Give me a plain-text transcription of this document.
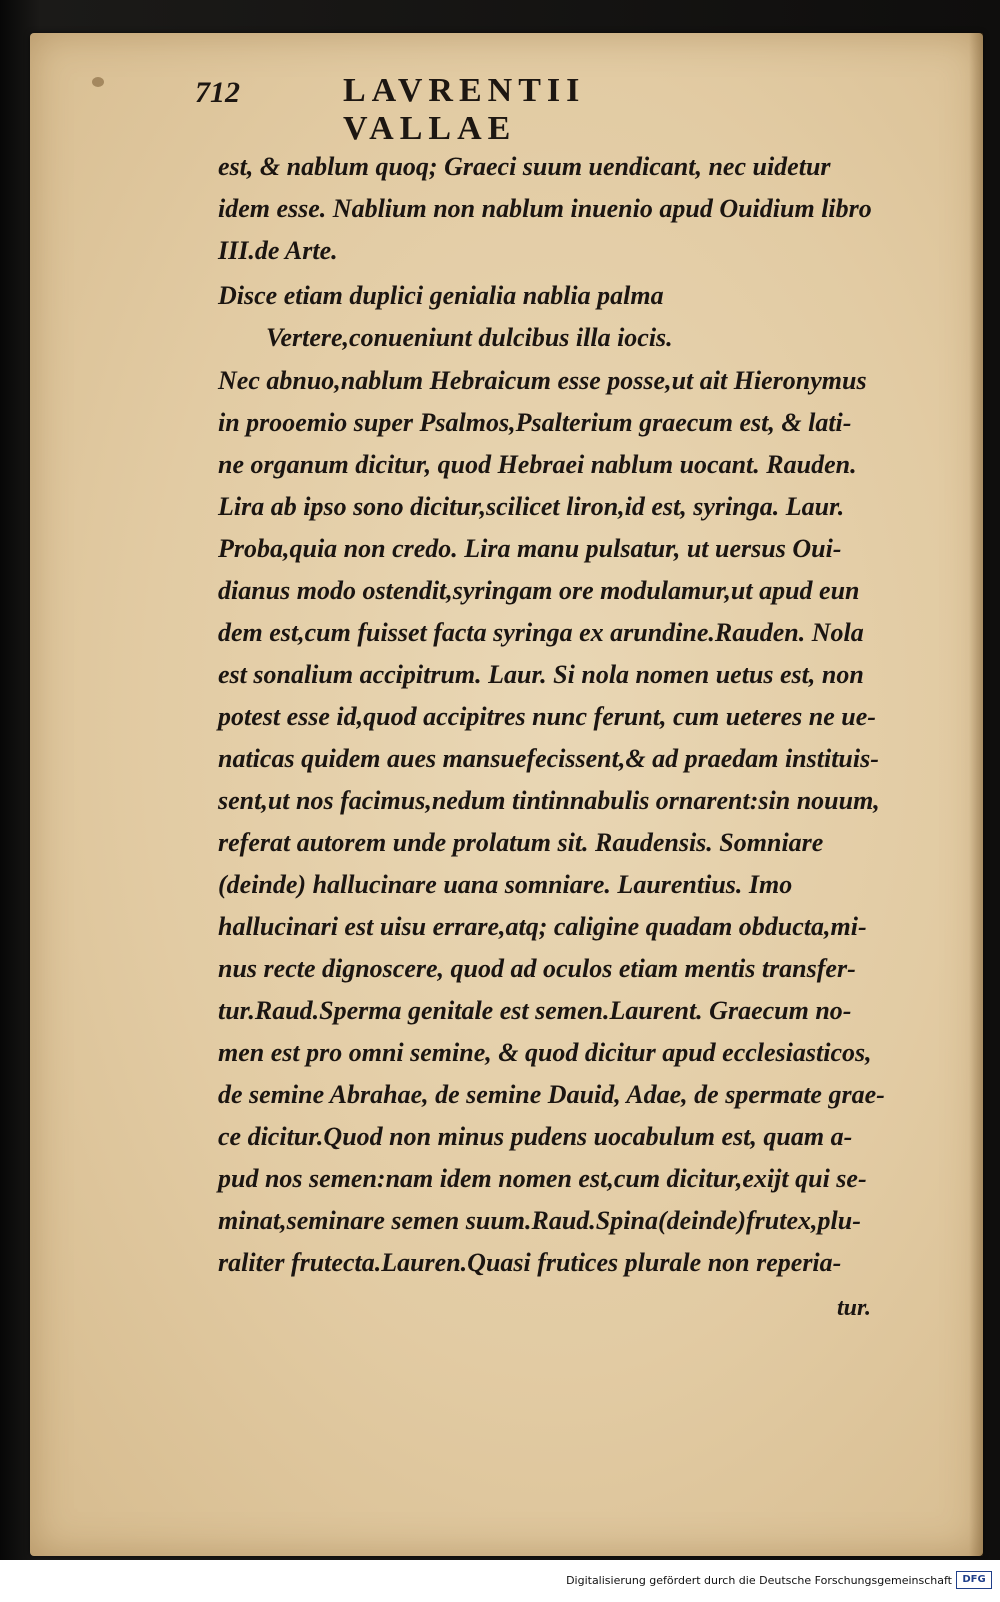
712	LAVRENTII VALLAE
est, & nablum quoq; Graeci suum uendicant, nec uidetur
idem esse. Nablium non nablum inuenio apud Ouidium libro
III.de Arte.
Disce etiam duplici genialia nablia palma
Vertere,conueniunt dulcibus illa iocis.
Nec abnuo,nablum Hebraicum esse posse,ut ait Hieronymus
in prooemio super Psalmos,Psalterium graecum est, & lati-
ne organum dicitur, quod Hebraei nablum uocant. Rauden.
Lira ab ipso sono dicitur,scilicet liron,id est, syringa. Laur.
Proba,quia non credo. Lira manu pulsatur, ut uersus Oui-
dianus modo ostendit,syringam ore modulamur,ut apud eun
dem est,cum fuisset facta syringa ex arundine.Rauden. Nola
est sonalium accipitrum. Laur. Si nola nomen uetus est, non
potest esse id,quod accipitres nunc ferunt, cum ueteres ne ue-
naticas quidem aues mansuefecissent,& ad praedam instituis-
sent,ut nos facimus,nedum tintinnabulis ornarent:sin nouum,
referat autorem unde prolatum sit. Raudensis. Somniare
(deinde) hallucinare uana somniare. Laurentius. Imo
hallucinari est uisu errare,atq; caligine quadam obducta,mi-
nus recte dignoscere, quod ad oculos etiam mentis transfer-
tur.Raud.Sperma genitale est semen.Laurent. Graecum no-
men est pro omni semine, & quod dicitur apud ecclesiasticos,
de semine Abrahae, de semine Dauid, Adae, de spermate grae-
ce dicitur.Quod non minus pudens uocabulum est, quam a-
pud nos semen:nam idem nomen est,cum dicitur,exijt qui se-
minat,seminare semen suum.Raud.Spina(deinde)frutex,plu-
raliter frutecta.Lauren.Quasi frutices plurale non reperia-
tur.
Digitalisierung gefördert durch die Deutsche Forschungsgemeinschaft	DFG
